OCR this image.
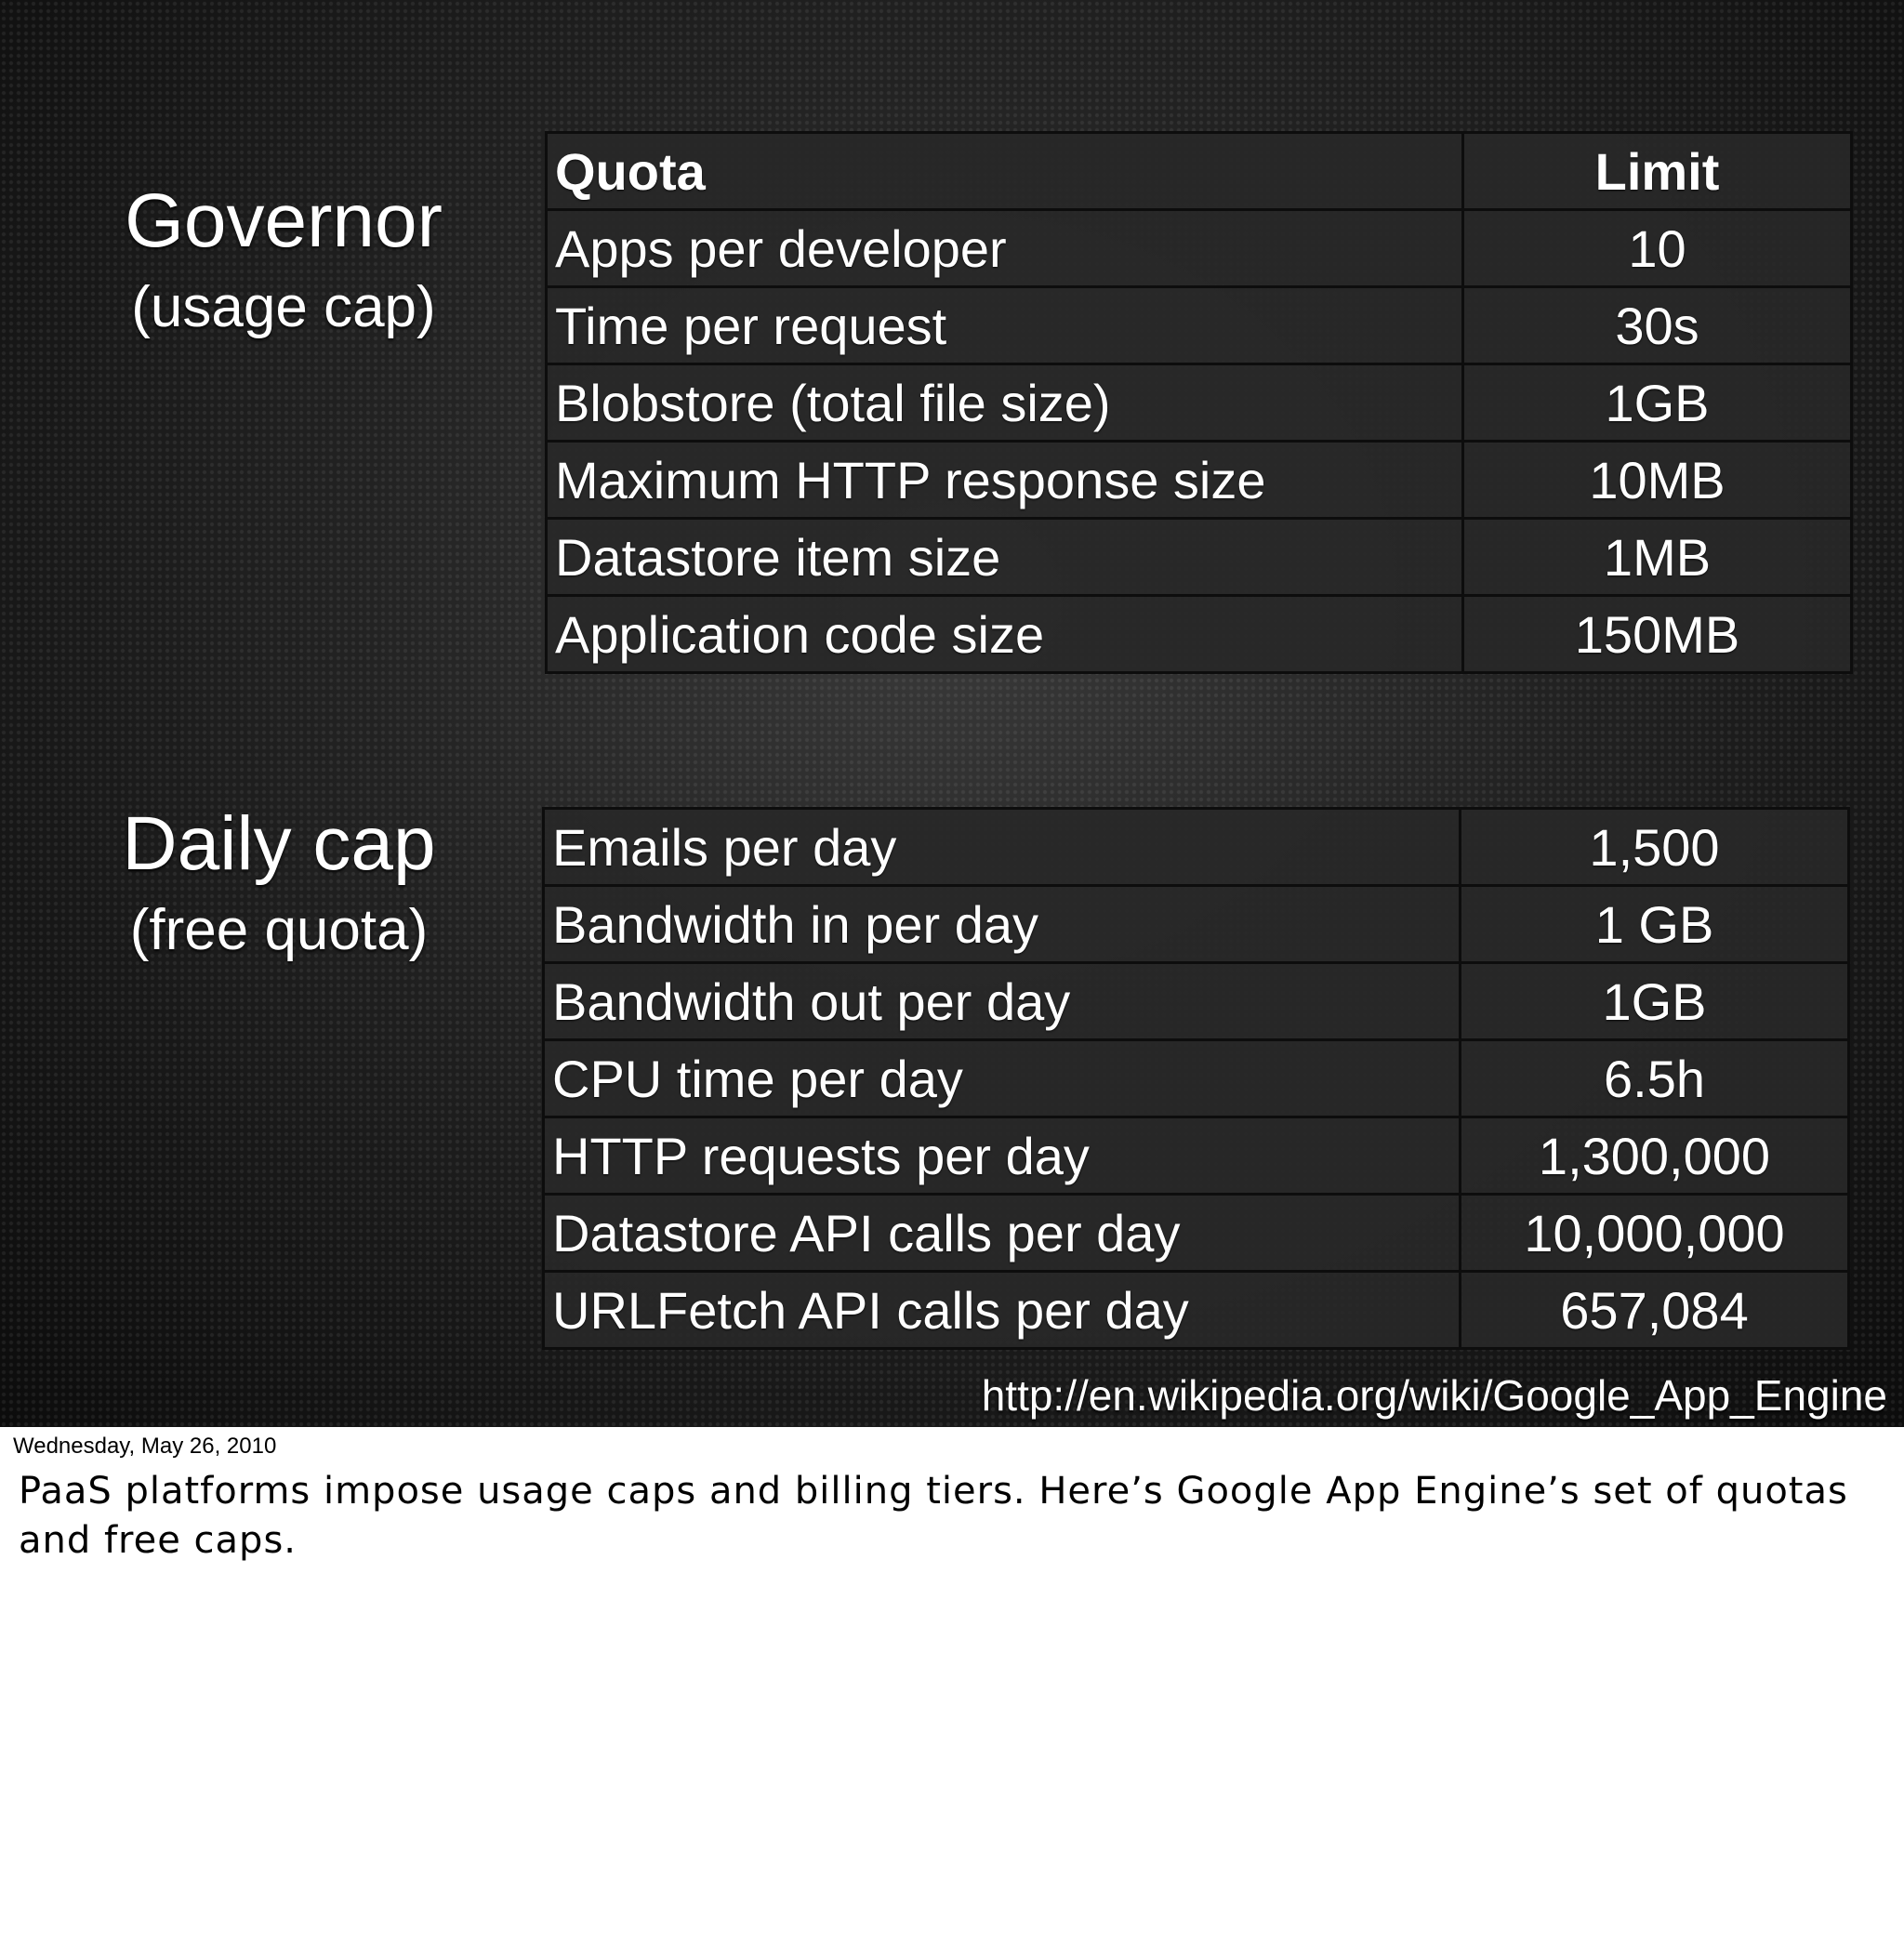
Governor
(usage cap)
Quota	Limit
Apps per developer	10
Time per request	30s
Blobstore (total file size)	1GB
Maximum HTTP response size	10MB
Datastore item size	1MB
Application code size	150MB
Daily cap
(free quota)
Emails per day	1,500
Bandwidth in per day	1 GB
Bandwidth out per day	1GB
CPU time per day	6.5h
HTTP requests per day	1,300,000
Datastore API calls per day	10,000,000
URLFetch API calls per day	657,084
http://en.wikipedia.org/wiki/Google_App_Engine
Wednesday, May 26, 2010
PaaS platforms impose usage caps and billing tiers. Here’s Google App Engine’s set of quotas and free caps.
